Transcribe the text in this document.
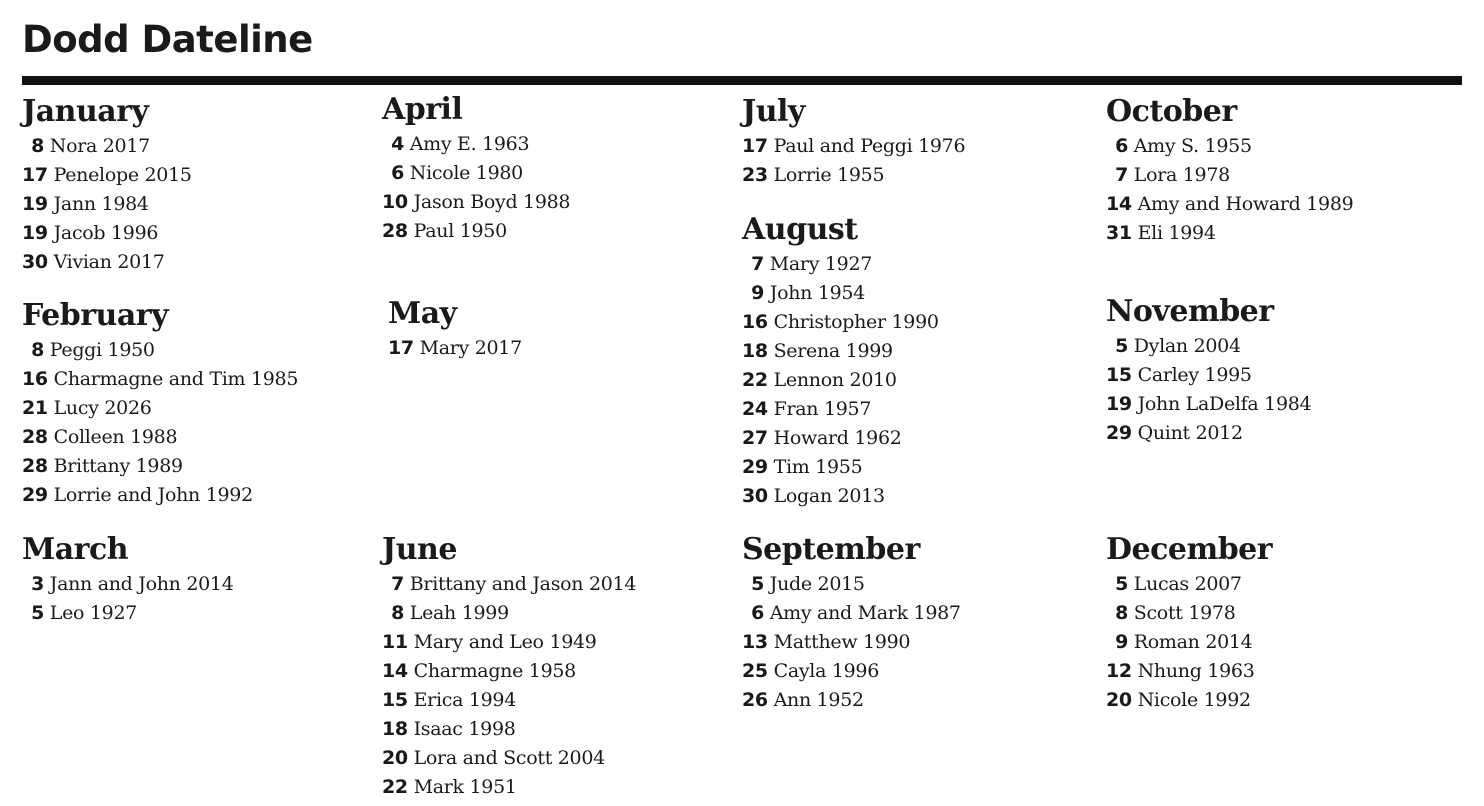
Dodd Dateline
January
8 Nora 2017
17 Penelope 2015
19 Jann 1984
19 Jacob 1996
30 Vivian 2017
February
8 Peggi 1950
16 Charmagne and Tim 1985
21 Lucy 2026
28 Colleen 1988
28 Brittany 1989
29 Lorrie and John 1992
March
3 Jann and John 2014
5 Leo 1927
April
4 Amy E. 1963
6 Nicole 1980
10 Jason Boyd 1988
28 Paul 1950
May
17 Mary 2017
June
7 Brittany and Jason 2014
8 Leah 1999
11 Mary and Leo 1949
14 Charmagne 1958
15 Erica 1994
18 Isaac 1998
20 Lora and Scott 2004
22 Mark 1951
July
17 Paul and Peggi 1976
23 Lorrie 1955
August
7 Mary 1927
9 John 1954
16 Christopher 1990
18 Serena 1999
22 Lennon 2010
24 Fran 1957
27 Howard 1962
29 Tim 1955
30 Logan 2013
September
5 Jude 2015
6 Amy and Mark 1987
13 Matthew 1990
25 Cayla 1996
26 Ann 1952
October
6 Amy S. 1955
7 Lora 1978
14 Amy and Howard 1989
31 Eli 1994
November
5 Dylan 2004
15 Carley 1995
19 John LaDelfa 1984
29 Quint 2012
December
5 Lucas 2007
8 Scott 1978
9 Roman 2014
12 Nhung 1963
20 Nicole 1992
